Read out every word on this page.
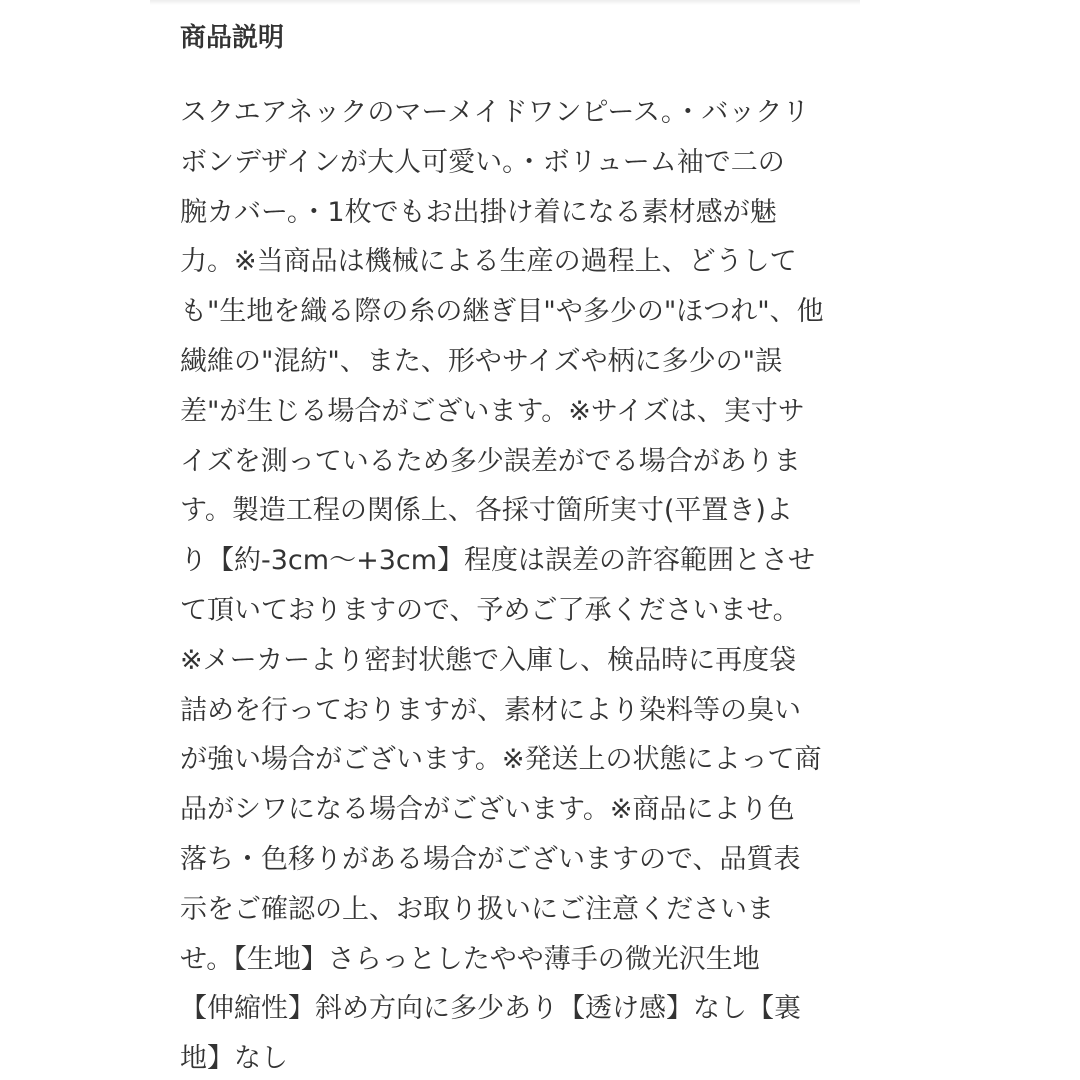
商品説明
スクエアネックのマーメイドワンピース。・バックリ
ボンデザインが大人可愛い。・ボリューム袖で二の
腕カバー。・1枚でもお出掛け着になる素材感が魅
力。※当商品は機械による生産の過程上、どうして
も"生地を織る際の糸の継ぎ目"や多少の"ほつれ"、他
繊維の"混紡"、また、形やサイズや柄に多少の"誤
差"が生じる場合がございます。※サイズは、実寸サ
イズを測っているため多少誤差がでる場合がありま
す。製造工程の関係上、各採寸箇所実寸(平置き)よ
り【約-3cm〜+3cm】程度は誤差の許容範囲とさせ
て頂いておりますので、予めご了承くださいませ。
※メーカーより密封状態で入庫し、検品時に再度袋
詰めを行っておりますが、素材により染料等の臭い
が強い場合がございます。※発送上の状態によって商
品がシワになる場合がございます。※商品により色
落ち・色移りがある場合がございますので、品質表
示をご確認の上、お取り扱いにご注意くださいま
せ。【生地】さらっとしたやや薄手の微光沢生地
【伸縮性】斜め方向に多少あり【透け感】なし【裏
地】なし
